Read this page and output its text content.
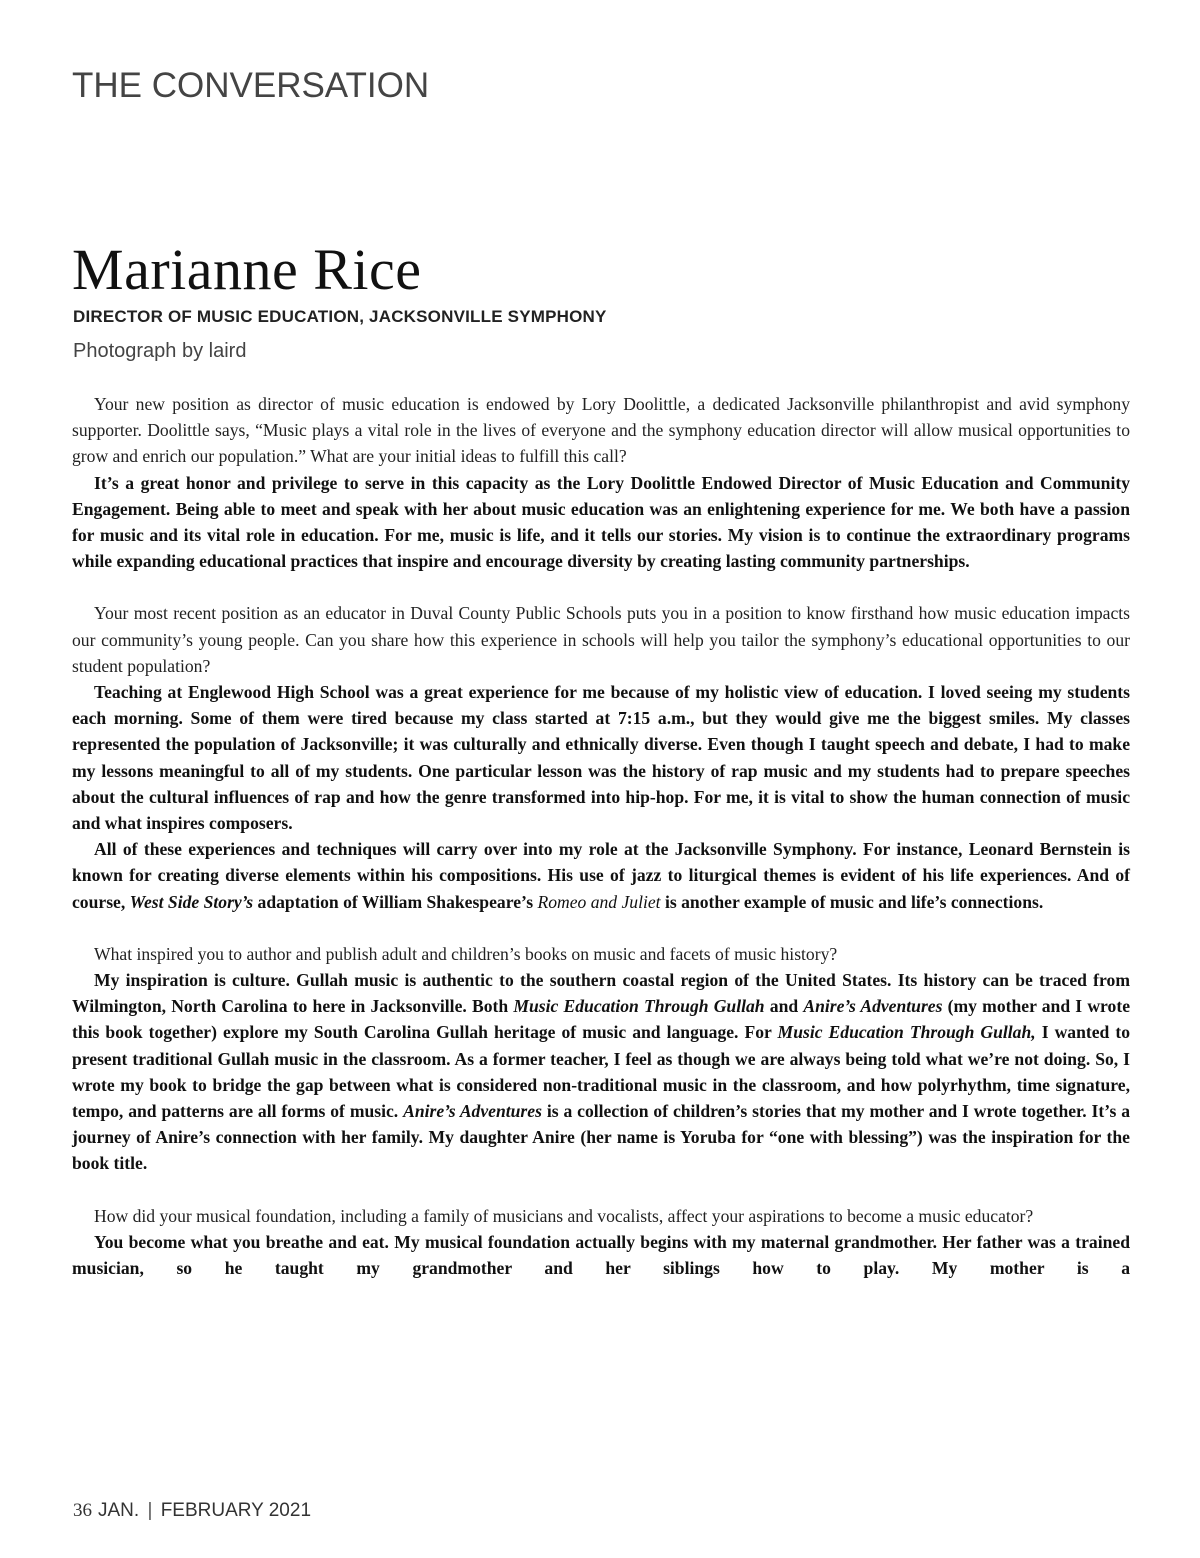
THE CONVERSATION

Marianne Rice

DIRECTOR OF MUSIC EDUCATION, JACKSONVILLE SYMPHONY

Photograph by laird

Your new position as director of music education is endowed by Lory Doolittle, a dedicated Jacksonville philanthropist and avid symphony supporter. Doolittle says, “Music plays a vital role in the lives of everyone and the symphony education director will allow musical opportunities to grow and enrich our population.” What are your initial ideas to fulfill this call?

It’s a great honor and privilege to serve in this capacity as the Lory Doolittle Endowed Director of Music Education and Community Engagement. Being able to meet and speak with her about music education was an enlightening experience for me. We both have a passion for music and its vital role in education. For me, music is life, and it tells our stories. My vision is to continue the extraordinary programs while expanding educational practices that inspire and encourage diversity by creating lasting community partnerships.

Your most recent position as an educator in Duval County Public Schools puts you in a position to know firsthand how music education impacts our community’s young people. Can you share how this experience in schools will help you tailor the symphony’s educational opportunities to our student population?

Teaching at Englewood High School was a great experience for me because of my holistic view of education. I loved seeing my students each morning. Some of them were tired because my class started at 7:15 a.m., but they would give me the biggest smiles. My classes represented the population of Jacksonville; it was culturally and ethnically diverse. Even though I taught speech and debate, I had to make my lessons meaningful to all of my students. One particular lesson was the history of rap music and my students had to prepare speeches about the cultural influences of rap and how the genre transformed into hip-hop. For me, it is vital to show the human connection of music and what inspires composers.

All of these experiences and techniques will carry over into my role at the Jacksonville Symphony. For instance, Leonard Bernstein is known for creating diverse elements within his compositions. His use of jazz to liturgical themes is evident of his life experiences. And of course, West Side Story’s adaptation of William Shakespeare’s Romeo and Juliet is another example of music and life’s connections.

What inspired you to author and publish adult and children’s books on music and facets of music history?

My inspiration is culture. Gullah music is authentic to the southern coastal region of the United States. Its history can be traced from Wilmington, North Carolina to here in Jacksonville. Both Music Education Through Gullah and Anire’s Adventures (my mother and I wrote this book together) explore my South Carolina Gullah heritage of music and language. For Music Education Through Gullah, I wanted to present traditional Gullah music in the classroom. As a former teacher, I feel as though we are always being told what we’re not doing. So, I wrote my book to bridge the gap between what is considered non-traditional music in the classroom, and how polyrhythm, time signature, tempo, and patterns are all forms of music. Anire’s Adventures is a collection of children’s stories that my mother and I wrote together. It’s a journey of Anire’s connection with her family. My daughter Anire (her name is Yoruba for “one with blessing”) was the inspiration for the book title.

How did your musical foundation, including a family of musicians and vocalists, affect your aspirations to become a music educator?

You become what you breathe and eat. My musical foundation actually begins with my maternal grandmother. Her father was a trained musician, so he taught my grandmother and her siblings how to play. My mother is a

36 JAN. | FEBRUARY 2021
